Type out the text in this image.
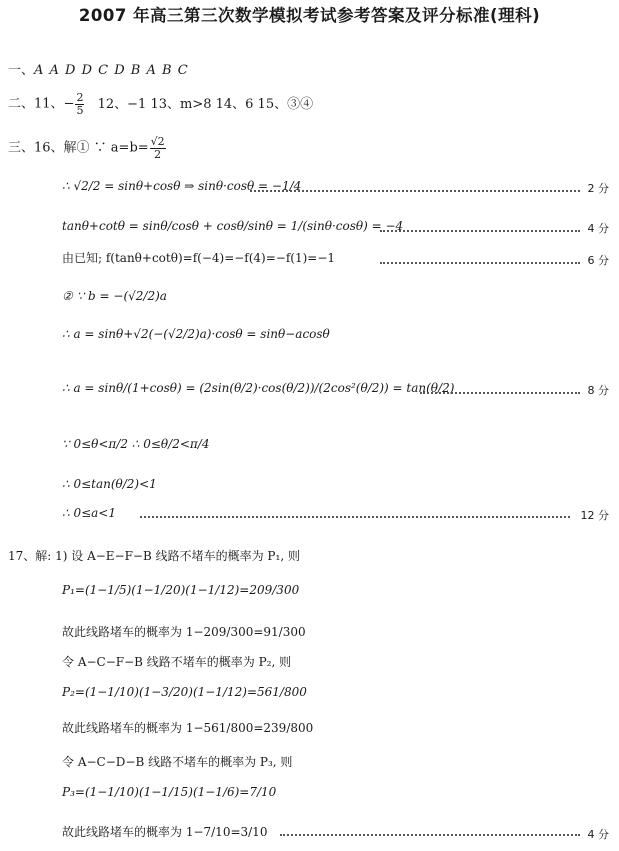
2007 年高三第三次数学模拟考试参考答案及评分标准(理科)
一、A A D D C D B A B C
二、11、− $\frac{2}{5} 12$、−1 13、m>8 14、6 15、③④
三、16、解① ∵ $a=b= \frac{√2}{2}$
∴ √2/2 = sinθ+cosθ ⇒ sinθ·cosθ = −1/4	2 分
tanθ+cotθ = sinθ/cosθ + cosθ/sinθ = 1/(sinθ·cosθ) = −4	4 分
由已知; f(tanθ+cotθ)=f(−4)=−f(4)=−f(1)=−1	6 分
② ∵ b = −(√2/2)a
∴ a = sinθ+√2(−(√2/2)a)·cosθ = sinθ−acosθ
∴ a = sinθ/(1+cosθ) = (2sin(θ/2)·cos(θ/2))/(2cos²(θ/2)) = tan(θ/2)	8 分
∵ 0≤θ<π/2 ∴ 0≤θ/2<π/4
∴ 0≤tan(θ/2)<1
∴ 0≤a<1	12 分
17、解: 1) 设 A−E−F−B 线路不堵车的概率为 P₁, 则
P₁=(1−1/5)(1−1/20)(1−1/12)=209/300
故此线路堵车的概率为 1−209/300=91/300
令 A−C−F−B 线路不堵车的概率为 P₂, 则
P₂=(1−1/10)(1−3/20)(1−1/12)=561/800
故此线路堵车的概率为 1−561/800=239/800
令 A−C−D−B 线路不堵车的概率为 P₃, 则
P₃=(1−1/10)(1−1/15)(1−1/6)=7/10
故此线路堵车的概率为 1−7/10=3/10	4 分
